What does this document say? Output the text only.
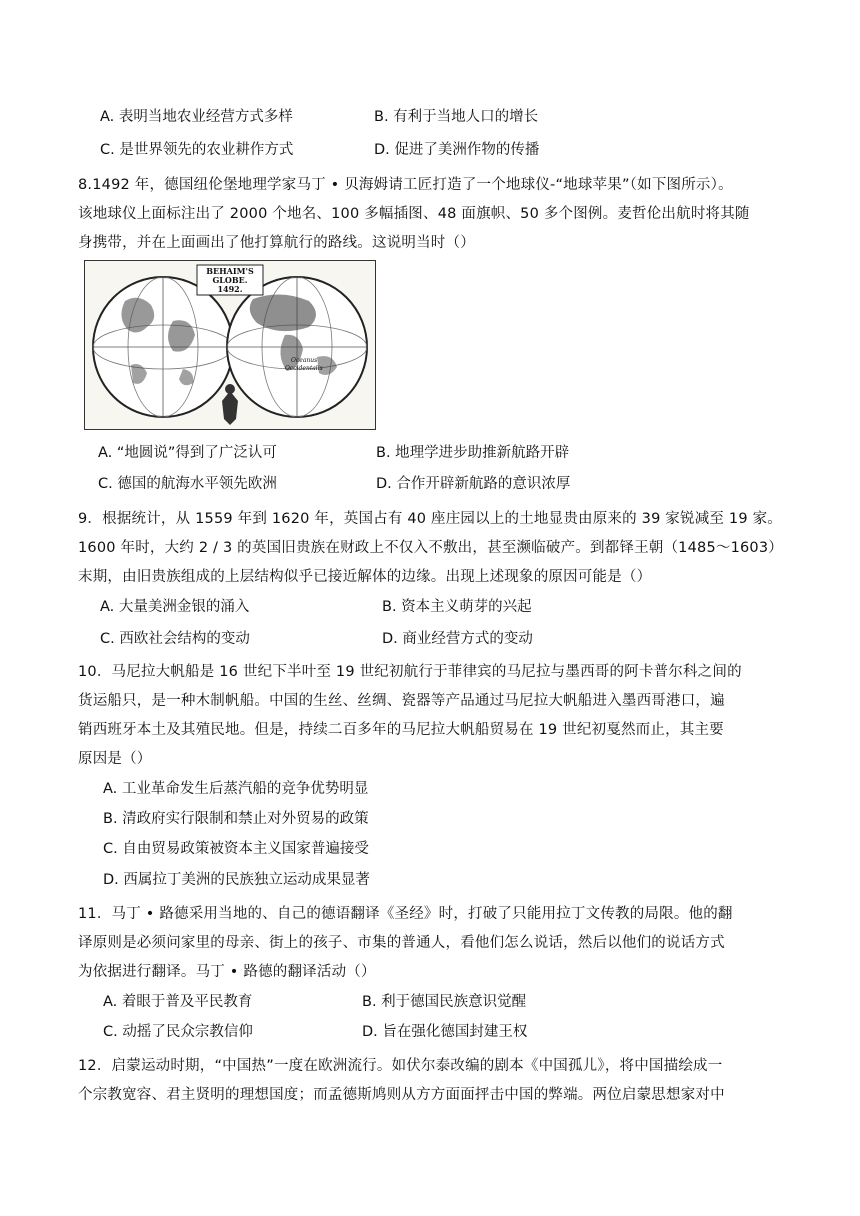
A. 表明当地农业经营方式多样	B. 有利于当地人口的增长
C. 是世界领先的农业耕作方式	D. 促进了美洲作物的传播
8.1492 年，德国纽伦堡地理学家马丁 • 贝海姆请工匠打造了一个地球仪-“地球苹果”（如下图所示）。
该地球仪上面标注出了 2000 个地名、100 多幅插图、48 面旗帜、50 多个图例。麦哲伦出航时将其随
身携带，并在上面画出了他打算航行的路线。这说明当时（）
BEHAIM'S
GLOBE.
1492.
Oceanus
Occidentalis
A. “地圆说”得到了广泛认可	B. 地理学进步助推新航路开辟
C. 德国的航海水平领先欧洲	D. 合作开辟新航路的意识浓厚
9．根据统计，从 1559 年到 1620 年，英国占有 40 座庄园以上的土地显贵由原来的 39 家锐减至 19 家。
1600 年时，大约 2 / 3 的英国旧贵族在财政上不仅入不敷出，甚至濒临破产。到都铎王朝（1485～1603）
末期，由旧贵族组成的上层结构似乎已接近解体的边缘。出现上述现象的原因可能是（）
A. 大量美洲金银的涌入	B. 资本主义萌芽的兴起
C. 西欧社会结构的变动	D. 商业经营方式的变动
10．马尼拉大帆船是 16 世纪下半叶至 19 世纪初航行于菲律宾的马尼拉与墨西哥的阿卡普尔科之间的
货运船只，是一种木制帆船。中国的生丝、丝绸、瓷器等产品通过马尼拉大帆船进入墨西哥港口，遍
销西班牙本土及其殖民地。但是，持续二百多年的马尼拉大帆船贸易在 19 世纪初戛然而止，其主要
原因是（）
A. 工业革命发生后蒸汽船的竞争优势明显
B. 清政府实行限制和禁止对外贸易的政策
C. 自由贸易政策被资本主义国家普遍接受
D. 西属拉丁美洲的民族独立运动成果显著
11．马丁 • 路德采用当地的、自己的德语翻译《圣经》时，打破了只能用拉丁文传教的局限。他的翻
译原则是必须问家里的母亲、街上的孩子、市集的普通人，看他们怎么说话，然后以他们的说话方式
为依据进行翻译。马丁 • 路德的翻译活动（）
A. 着眼于普及平民教育	B. 利于德国民族意识觉醒
C. 动摇了民众宗教信仰	D. 旨在强化德国封建王权
12．启蒙运动时期，“中国热”一度在欧洲流行。如伏尔泰改编的剧本《中国孤儿》，将中国描绘成一
个宗教宽容、君主贤明的理想国度；而孟德斯鸠则从方方面面抨击中国的弊端。两位启蒙思想家对中
